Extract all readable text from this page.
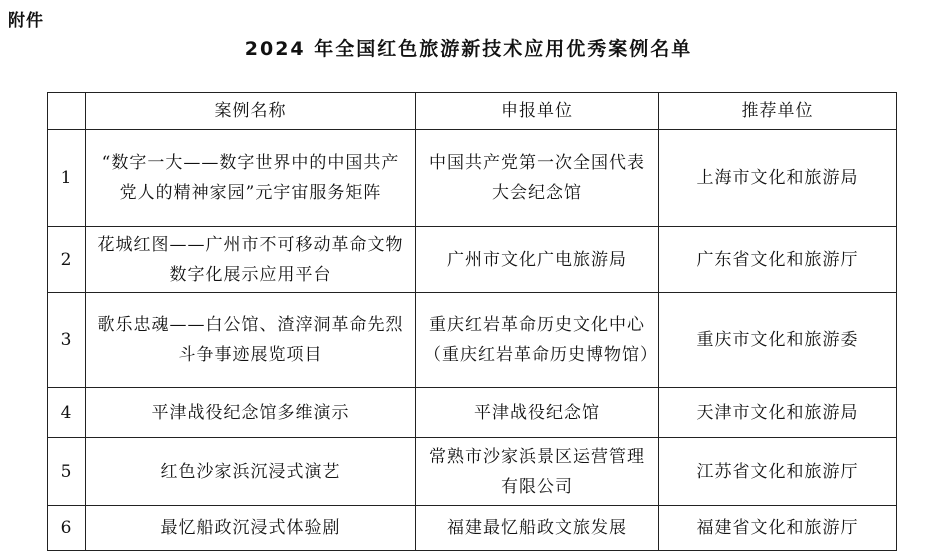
附件
2024 年全国红色旅游新技术应用优秀案例名单
	案例名称	申报单位	推荐单位
1	“数字一大——数字世界中的中国共产党人的精神家园”元宇宙服务矩阵	中国共产党第一次全国代表大会纪念馆	上海市文化和旅游局
2	花城红图——广州市不可移动革命文物数字化展示应用平台	广州市文化广电旅游局	广东省文化和旅游厅
3	歌乐忠魂——白公馆、渣滓洞革命先烈斗争事迹展览项目	重庆红岩革命历史文化中心（重庆红岩革命历史博物馆）	重庆市文化和旅游委
4	平津战役纪念馆多维演示	平津战役纪念馆	天津市文化和旅游局
5	红色沙家浜沉浸式演艺	常熟市沙家浜景区运营管理有限公司	江苏省文化和旅游厅
6	最忆船政沉浸式体验剧	福建最忆船政文旅发展	福建省文化和旅游厅
